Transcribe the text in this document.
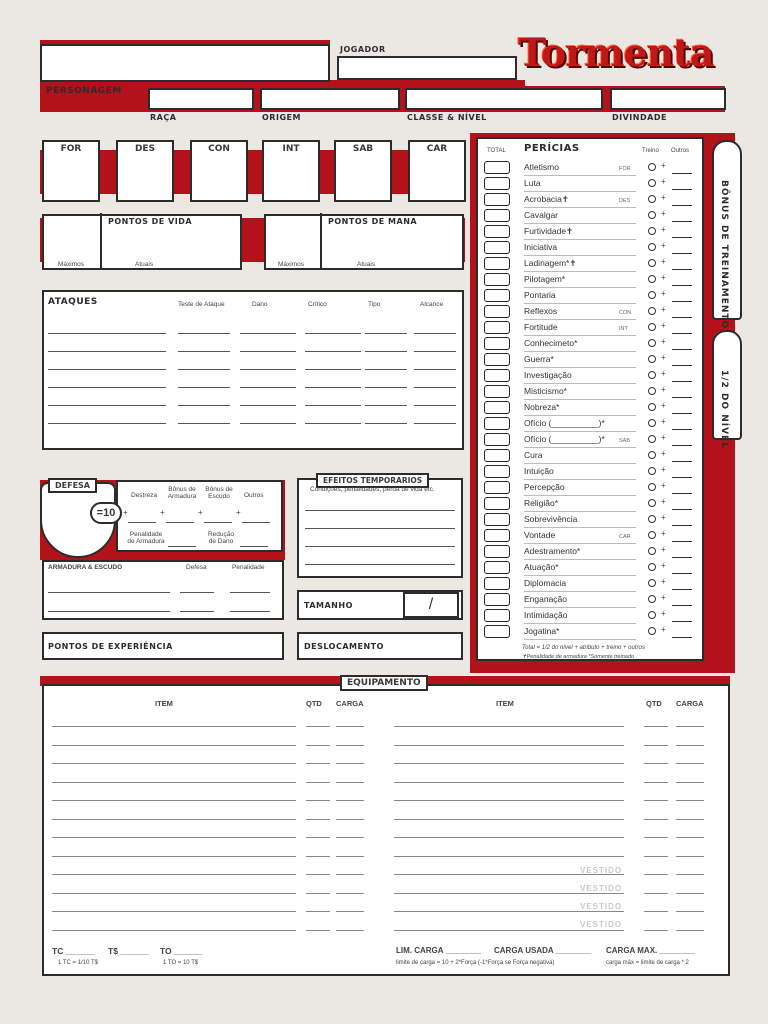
Tormenta
JOGADOR
PERSONAGEM
RAÇA	ORIGEM	CLASSE & NÍVEL	DIVINDADE
FOR	DES	CON	INT	SAB	CAR
PONTOS DE VIDA
Máximos	Atuais
PONTOS DE MANA
Máximos	Atuais
ATAQUES	Teste de Ataque	Dano	Crítico	Tipo	Alcance
DEFESA
=10
Destreza
Bônus de Armadura
Bônus de Escudo	Outros
+	+	+	+
Penalidade de Armadura
Redução de Dano
ARMADURA & ESCUDO	Defesa	Penalidade
EFEITOS TEMPORARIOS
Condições, penalidades, perda de vida etc.
TAMANHO	/
PONTOS DE EXPERIÊNCIA	DESLOCAMENTO
TOTAL PERÍCIAS	Treino Outros
Atletismo	FOR	+
Luta	+
Acrobacia✝	DES	+
Cavalgar	+
Furtividade✝	+
Iniciativa	+
Ladinagem*✝	+
Pilotagem*	+
Pontaria	+
Reflexos	CON	+
Fortitude	INT	+
Conhecimeto*	+
Guerra*	+
Investigação	+
Misticismo*	+
Nobreza*	+
Ofício (__________)*	+
Ofício (__________)*	SAB	+
Cura	+
Intuição	+
Percepção	+
Religião*	+
Sobrevivência	+
Vontade	CAR	+
Adestramento*	+
Atuação*	+
Diplomacia	+
Enganação	+
Intimidação	+
Jogatina*	+
Total = 1/2 do nível + atributo + treino + outros
✝Penalidade de armadura *Somente treinado
BÔNUS DE TREINAMENTO
1/2 DO NÍVEL
EQUIPAMENTO
ITEM	QTD CARGA	ITEM	QTD CARGA
VESTIDO
VESTIDO
VESTIDO
VESTIDO
TC ______ T$ ______ TO ______
1 TC = 1/10 T$	1 TO = 10 T$
LIM. CARGA ________ CARGA USADA ________ CARGA MAX. ________
limite de carga = 10 + 2*Força (-1*Força se Força negativa)	carga máx = limite de carga * 2
